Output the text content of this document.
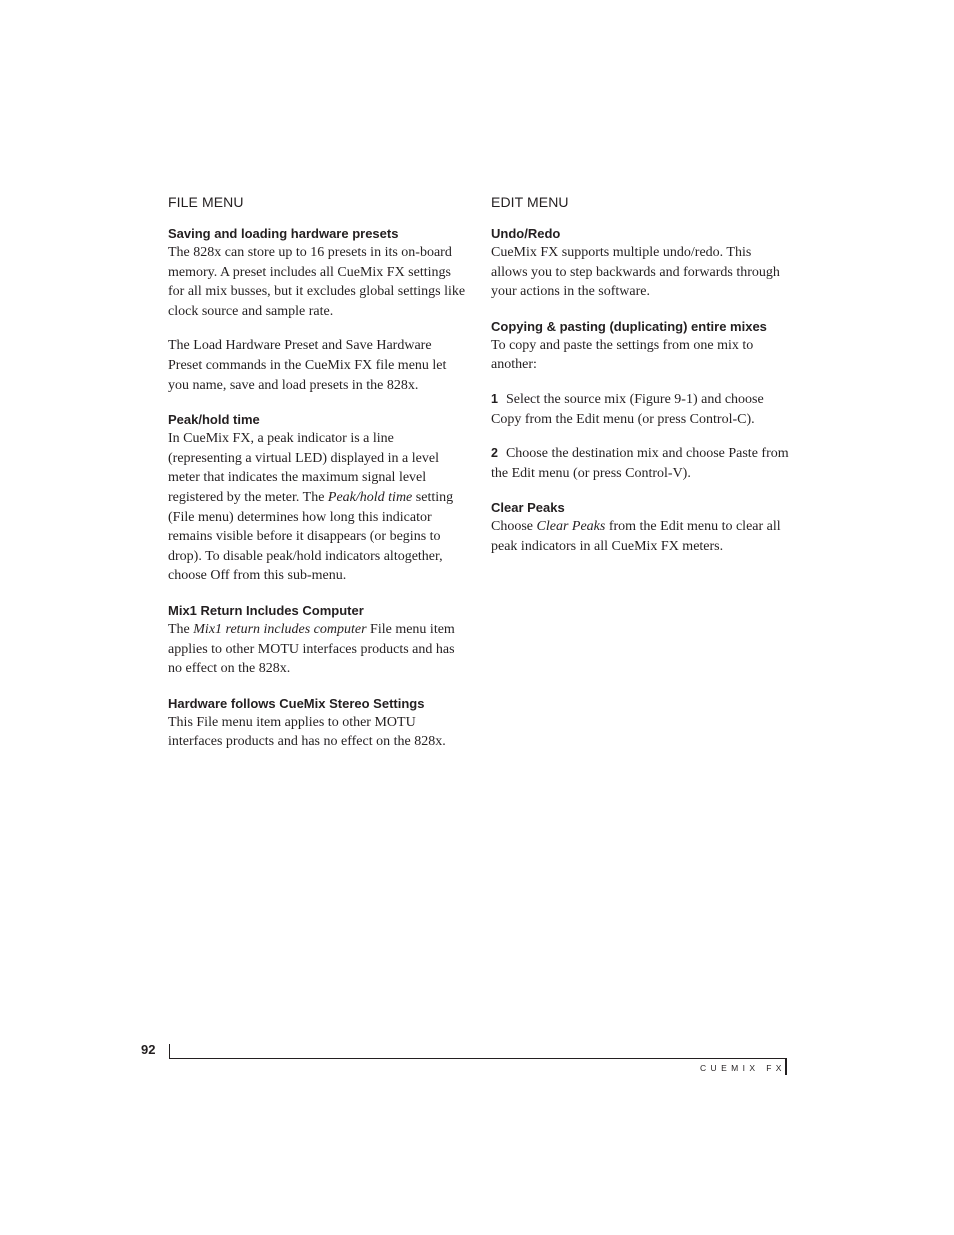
FILE MENU
Saving and loading hardware presets

The 828x can store up to 16 presets in its on-board memory. A preset includes all CueMix FX settings for all mix busses, but it excludes global settings like clock source and sample rate.

The Load Hardware Preset and Save Hardware Preset commands in the CueMix FX file menu let you name, save and load presets in the 828x.

Peak/hold time

In CueMix FX, a peak indicator is a line (representing a virtual LED) displayed in a level meter that indicates the maximum signal level registered by the meter. The Peak/hold time setting (File menu) determines how long this indicator remains visible before it disappears (or begins to drop). To disable peak/hold indicators altogether, choose Off from this sub-menu.

Mix1 Return Includes Computer

The Mix1 return includes computer File menu item applies to other MOTU interfaces products and has no effect on the 828x.

Hardware follows CueMix Stereo Settings

This File menu item applies to other MOTU interfaces products and has no effect on the 828x.

EDIT MENU
Undo/Redo

CueMix FX supports multiple undo/redo. This allows you to step backwards and forwards through your actions in the software.

Copying & pasting (duplicating) entire mixes

To copy and paste the settings from one mix to another:

1 Select the source mix (Figure 9-1) and choose Copy from the Edit menu (or press Control-C).

2 Choose the destination mix and choose Paste from the Edit menu (or press Control-V).

Clear Peaks

Choose Clear Peaks from the Edit menu to clear all peak indicators in all CueMix FX meters.

92
CUEMIX FX
